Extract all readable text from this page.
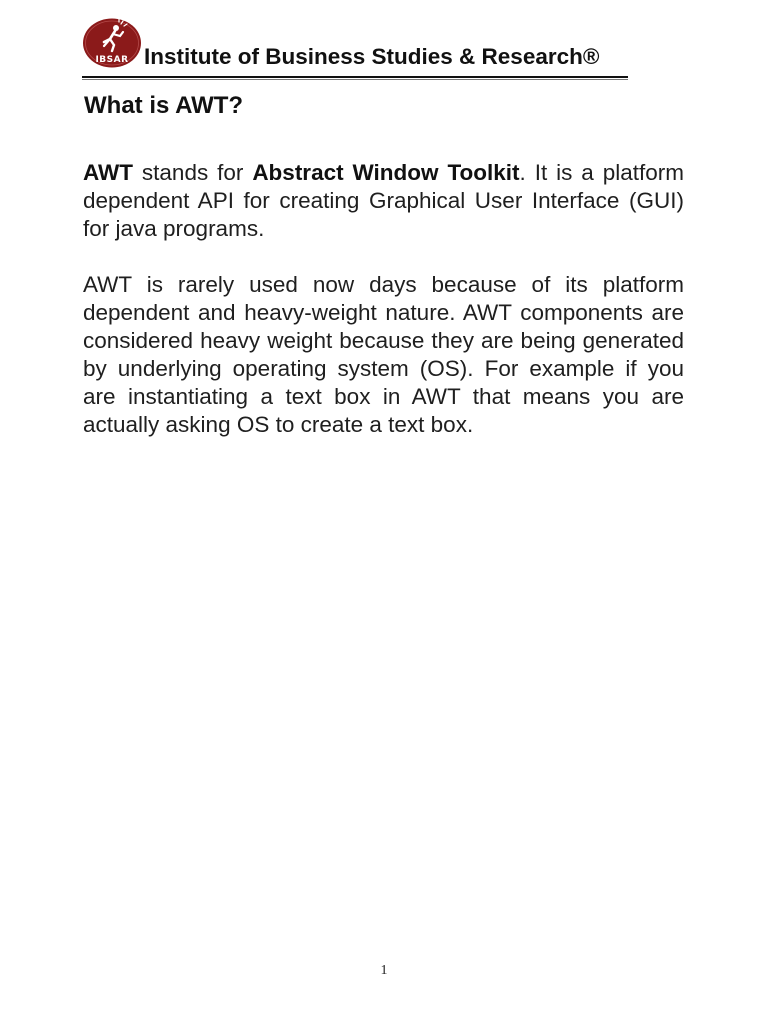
IBSAR Institute of Business Studies & Research®
What is AWT?

AWT stands for Abstract Window Toolkit. It is a platform dependent API for creating Graphical User Interface (GUI) for java programs.

AWT is rarely used now days because of its platform dependent and heavy-weight nature. AWT components are considered heavy weight because they are being generated by underlying operating system (OS). For example if you are instantiating a text box in AWT that means you are actually asking OS to create a text box.

1
